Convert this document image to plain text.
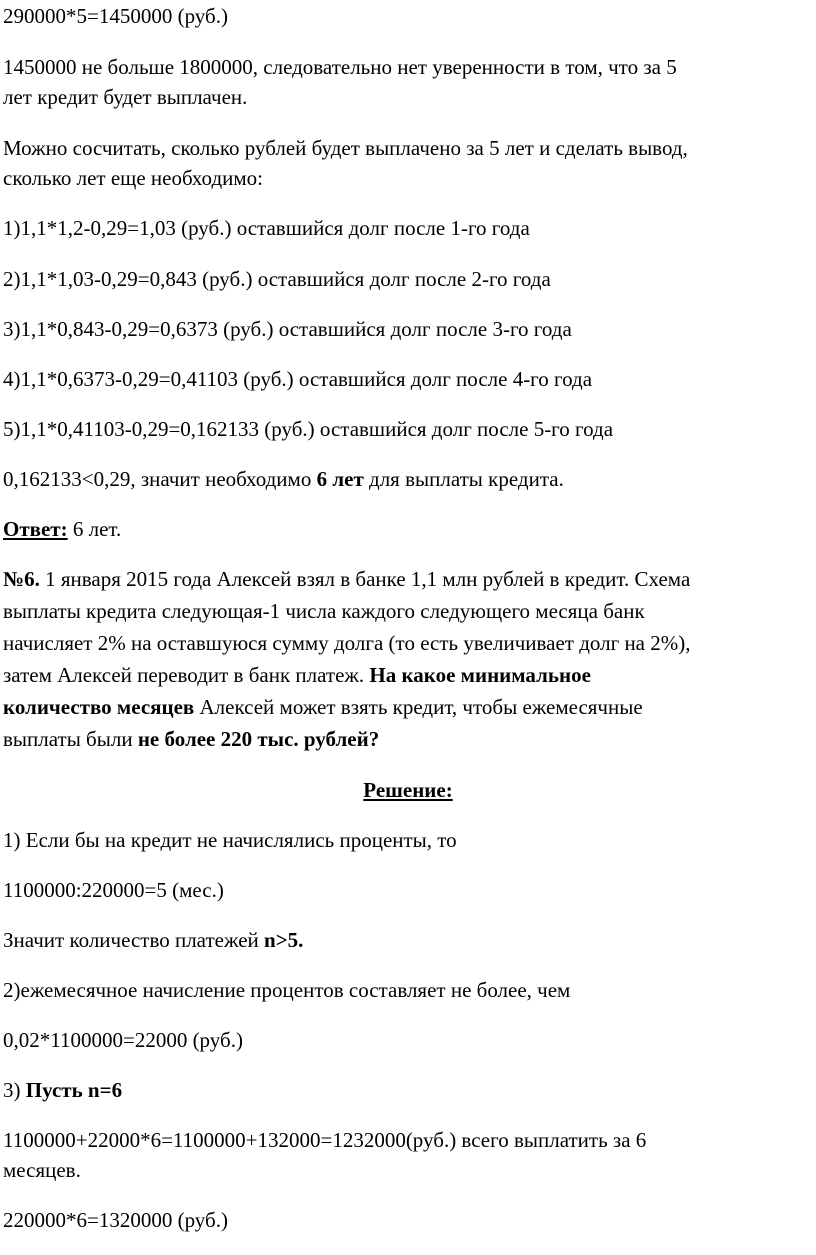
290000*5=1450000 (руб.)

1450000 не больше 1800000, следовательно нет уверенности в том, что за 5

лет кредит будет выплачен.

Можно сосчитать, сколько рублей будет выплачено за 5 лет и сделать вывод,

сколько лет еще необходимо:

1)1,1*1,2-0,29=1,03 (руб.) оставшийся долг после 1-го года

2)1,1*1,03-0,29=0,843 (руб.) оставшийся долг после 2-го года

3)1,1*0,843-0,29=0,6373 (руб.) оставшийся долг после 3-го года

4)1,1*0,6373-0,29=0,41103 (руб.) оставшийся долг после 4-го года

5)1,1*0,41103-0,29=0,162133 (руб.) оставшийся долг после 5-го года

0,162133<0,29, значит необходимо 6 лет для выплаты кредита.

Ответ: 6 лет.

№6. 1 января 2015 года Алексей взял в банке 1,1 млн рублей в кредит. Схема

выплаты кредита следующая-1 числа каждого следующего месяца банк

начисляет 2% на оставшуюся сумму долга (то есть увеличивает долг на 2%),

затем Алексей переводит в банк платеж. На какое минимальное

количество месяцев Алексей может взять кредит, чтобы ежемесячные

выплаты были не более 220 тыс. рублей?

Решение:

1) Если бы на кредит не начислялись проценты, то

1100000:220000=5 (мес.)

Значит количество платежей n>5.

2)ежемесячное начисление процентов составляет не более, чем

0,02*1100000=22000 (руб.)

3) Пусть n=6

1100000+22000*6=1100000+132000=1232000(руб.) всего выплатить за 6

месяцев.

220000*6=1320000 (руб.)
